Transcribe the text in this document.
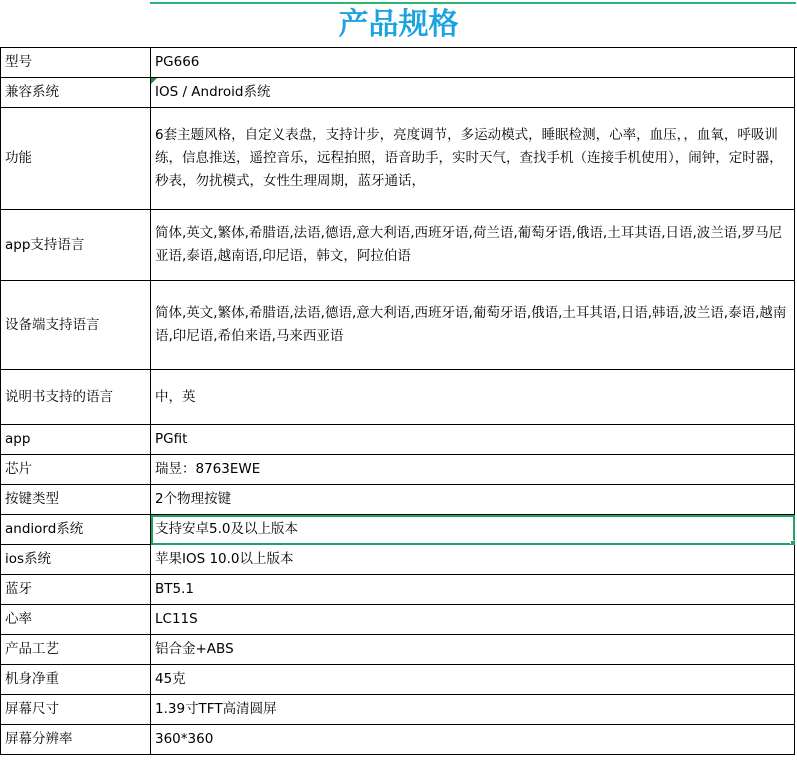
产品规格
型号	PG666
兼容系统	IOS / Android系统
功能	6套主题风格，自定义表盘，支持计步，亮度调节，多运动模式，睡眠检测，心率，血压，，血氧，呼吸训练，信息推送，遥控音乐，远程拍照，语音助手，实时天气，查找手机（连接手机使用），闹钟，定时器，秒表，勿扰模式，女性生理周期，蓝牙通话，
app支持语言	简体,英文,繁体,希腊语,法语,德语,意大利语,西班牙语,荷兰语,葡萄牙语,俄语,土耳其语,日语,波兰语,罗马尼亚语,泰语,越南语,印尼语，韩文，阿拉伯语
设备端支持语言	简体,英文,繁体,希腊语,法语,德语,意大利语,西班牙语,葡萄牙语,俄语,土耳其语,日语,韩语,波兰语,泰语,越南语,印尼语,希伯来语,马来西亚语
说明书支持的语言	中，英
app	PGfit
芯片	瑞昱：8763EWE
按键类型	2个物理按键
andiord系统	支持安卓5.0及以上版本

ios系统	苹果IOS 10.0以上版本
蓝牙	BT5.1
心率	LC11S
产品工艺	铝合金+ABS
机身净重	45克
屏幕尺寸	1.39寸TFT高清圆屏
屏幕分辨率	360*360
